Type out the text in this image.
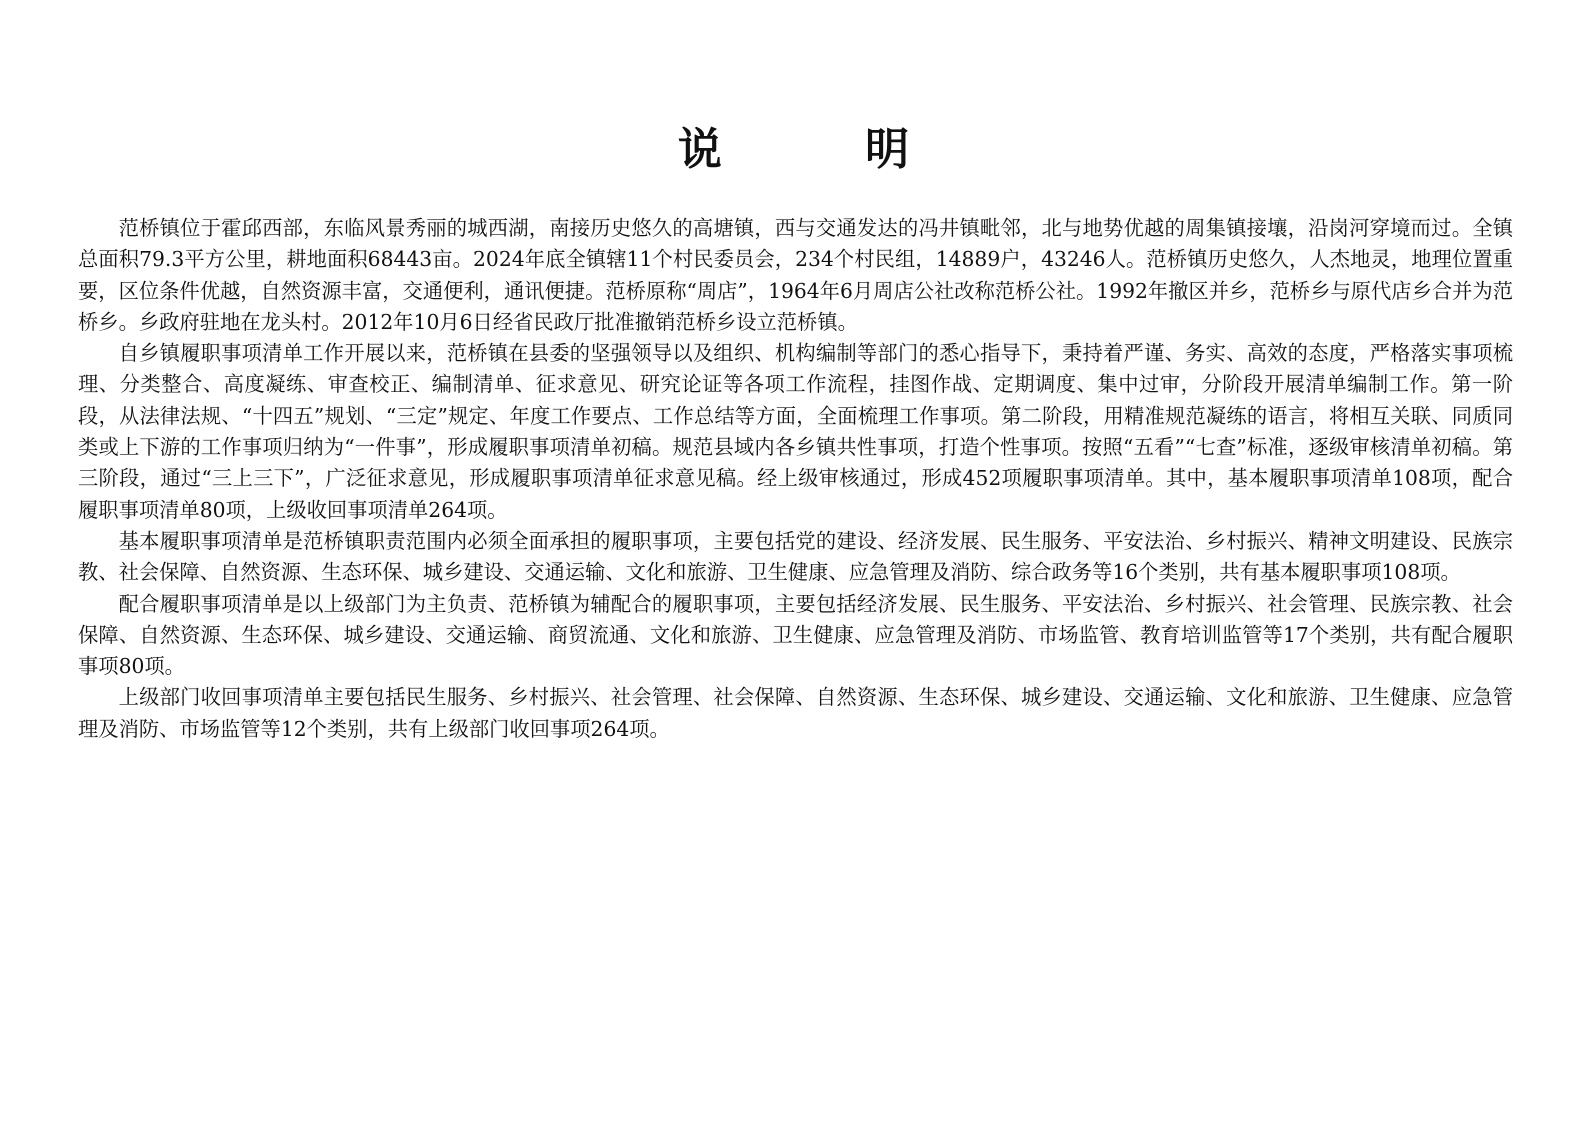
说 明

范桥镇位于霍邱西部，东临风景秀丽的城西湖，南接历史悠久的高塘镇，西与交通发达的冯井镇毗邻，北与地势优越的周集镇接壤，沿岗河穿境而过。全镇总面积79.3平方公里，耕地面积68443亩。2024年底全镇辖11个村民委员会，234个村民组，14889户，43246人。范桥镇历史悠久，人杰地灵，地理位置重要，区位条件优越，自然资源丰富，交通便利，通讯便捷。范桥原称“周店”，1964年6月周店公社改称范桥公社。1992年撤区并乡，范桥乡与原代店乡合并为范桥乡。乡政府驻地在龙头村。2012年10月6日经省民政厅批准撤销范桥乡设立范桥镇。

自乡镇履职事项清单工作开展以来，范桥镇在县委的坚强领导以及组织、机构编制等部门的悉心指导下，秉持着严谨、务实、高效的态度，严格落实事项梳理、分类整合、高度凝练、审查校正、编制清单、征求意见、研究论证等各项工作流程，挂图作战、定期调度、集中过审，分阶段开展清单编制工作。第一阶段，从法律法规、“十四五”规划、“三定”规定、年度工作要点、工作总结等方面，全面梳理工作事项。第二阶段，用精准规范凝练的语言，将相互关联、同质同类或上下游的工作事项归纳为“一件事”，形成履职事项清单初稿。规范县域内各乡镇共性事项，打造个性事项。按照“五看”“七查”标准，逐级审核清单初稿。第三阶段，通过“三上三下”，广泛征求意见，形成履职事项清单征求意见稿。经上级审核通过，形成452项履职事项清单。其中，基本履职事项清单108项，配合履职事项清单80项，上级收回事项清单264项。

基本履职事项清单是范桥镇职责范围内必须全面承担的履职事项，主要包括党的建设、经济发展、民生服务、平安法治、乡村振兴、精神文明建设、民族宗教、社会保障、自然资源、生态环保、城乡建设、交通运输、文化和旅游、卫生健康、应急管理及消防、综合政务等16个类别，共有基本履职事项108项。

配合履职事项清单是以上级部门为主负责、范桥镇为辅配合的履职事项，主要包括经济发展、民生服务、平安法治、乡村振兴、社会管理、民族宗教、社会保障、自然资源、生态环保、城乡建设、交通运输、商贸流通、文化和旅游、卫生健康、应急管理及消防、市场监管、教育培训监管等17个类别，共有配合履职事项80项。

上级部门收回事项清单主要包括民生服务、乡村振兴、社会管理、社会保障、自然资源、生态环保、城乡建设、交通运输、文化和旅游、卫生健康、应急管理及消防、市场监管等12个类别，共有上级部门收回事项264项。
